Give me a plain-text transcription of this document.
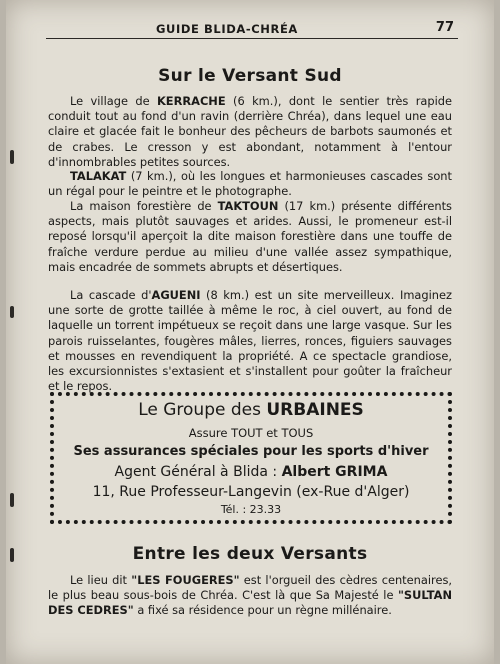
GUIDE BLIDA-CHRÉA	77
Sur le Versant Sud

Le village de KERRACHE (6 km.), dont le sentier très rapide conduit tout au fond d'un ravin (derrière Chréa), dans lequel une eau claire et glacée fait le bonheur des pêcheurs de barbots saumonés et de crabes. Le cresson y est abondant, notamment à l'entour d'innombrables petites sources.

TALAKAT (7 km.), où les longues et harmonieuses cascades sont un régal pour le peintre et le photographe.

La maison forestière de TAKTOUN (17 km.) présente différents aspects, mais plutôt sauvages et arides. Aussi, le promeneur est-il reposé lorsqu'il aperçoit la dite maison forestière dans une touffe de fraîche verdure perdue au milieu d'une vallée assez sympathique, mais encadrée de sommets abrupts et désertiques.

La cascade d'AGUENI (8 km.) est un site merveilleux. Imaginez une sorte de grotte taillée à même le roc, à ciel ouvert, au fond de laquelle un torrent impétueux se reçoit dans une large vasque. Sur les parois ruisselantes, fougères mâles, lierres, ronces, figuiers sauvages et mousses en revendiquent la propriété. A ce spectacle grandiose, les excursionnistes s'extasient et s'installent pour goûter la fraîcheur et le repos.

Le Groupe des URBAINES
Assure TOUT et TOUS
Ses assurances spéciales pour les sports d'hiver
Agent Général à Blida : Albert GRIMA
11, Rue Professeur-Langevin (ex-Rue d'Alger)
Tél. : 23.33
Entre les deux Versants

Le lieu dit "LES FOUGERES" est l'orgueil des cèdres centenaires, le plus beau sous-bois de Chréa. C'est là que Sa Majesté le "SULTAN DES CEDRES" a fixé sa résidence pour un règne millénaire.
